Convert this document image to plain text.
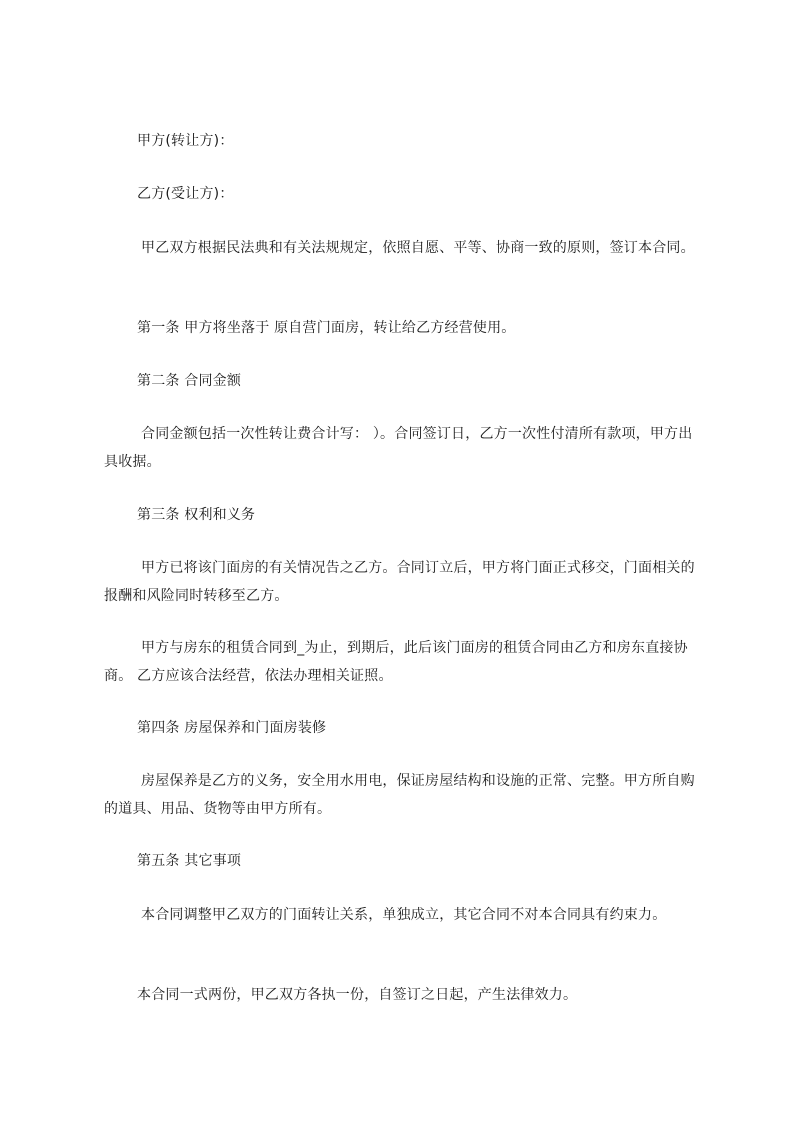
甲方(转让方)：

乙方(受让方)：

甲乙双方根据民法典和有关法规规定，依照自愿、平等、协商一致的原则，签订本合同。

第一条 甲方将坐落于 原自营门面房，转让给乙方经营使用。

第二条 合同金额

合同金额包括一次性转让费合计写： ）。合同签订日，乙方一次性付清所有款项，甲方出具收据。

第三条 权利和义务

甲方已将该门面房的有关情况告之乙方。合同订立后，甲方将门面正式移交，门面相关的报酬和风险同时转移至乙方。

甲方与房东的租赁合同到_为止，到期后，此后该门面房的租赁合同由乙方和房东直接协商。 乙方应该合法经营，依法办理相关证照。

第四条 房屋保养和门面房装修

房屋保养是乙方的义务，安全用水用电，保证房屋结构和设施的正常、完整。甲方所自购的道具、用品、货物等由甲方所有。

第五条 其它事项

本合同调整甲乙双方的门面转让关系，单独成立，其它合同不对本合同具有约束力。

本合同一式两份，甲乙双方各执一份，自签订之日起，产生法律效力。
